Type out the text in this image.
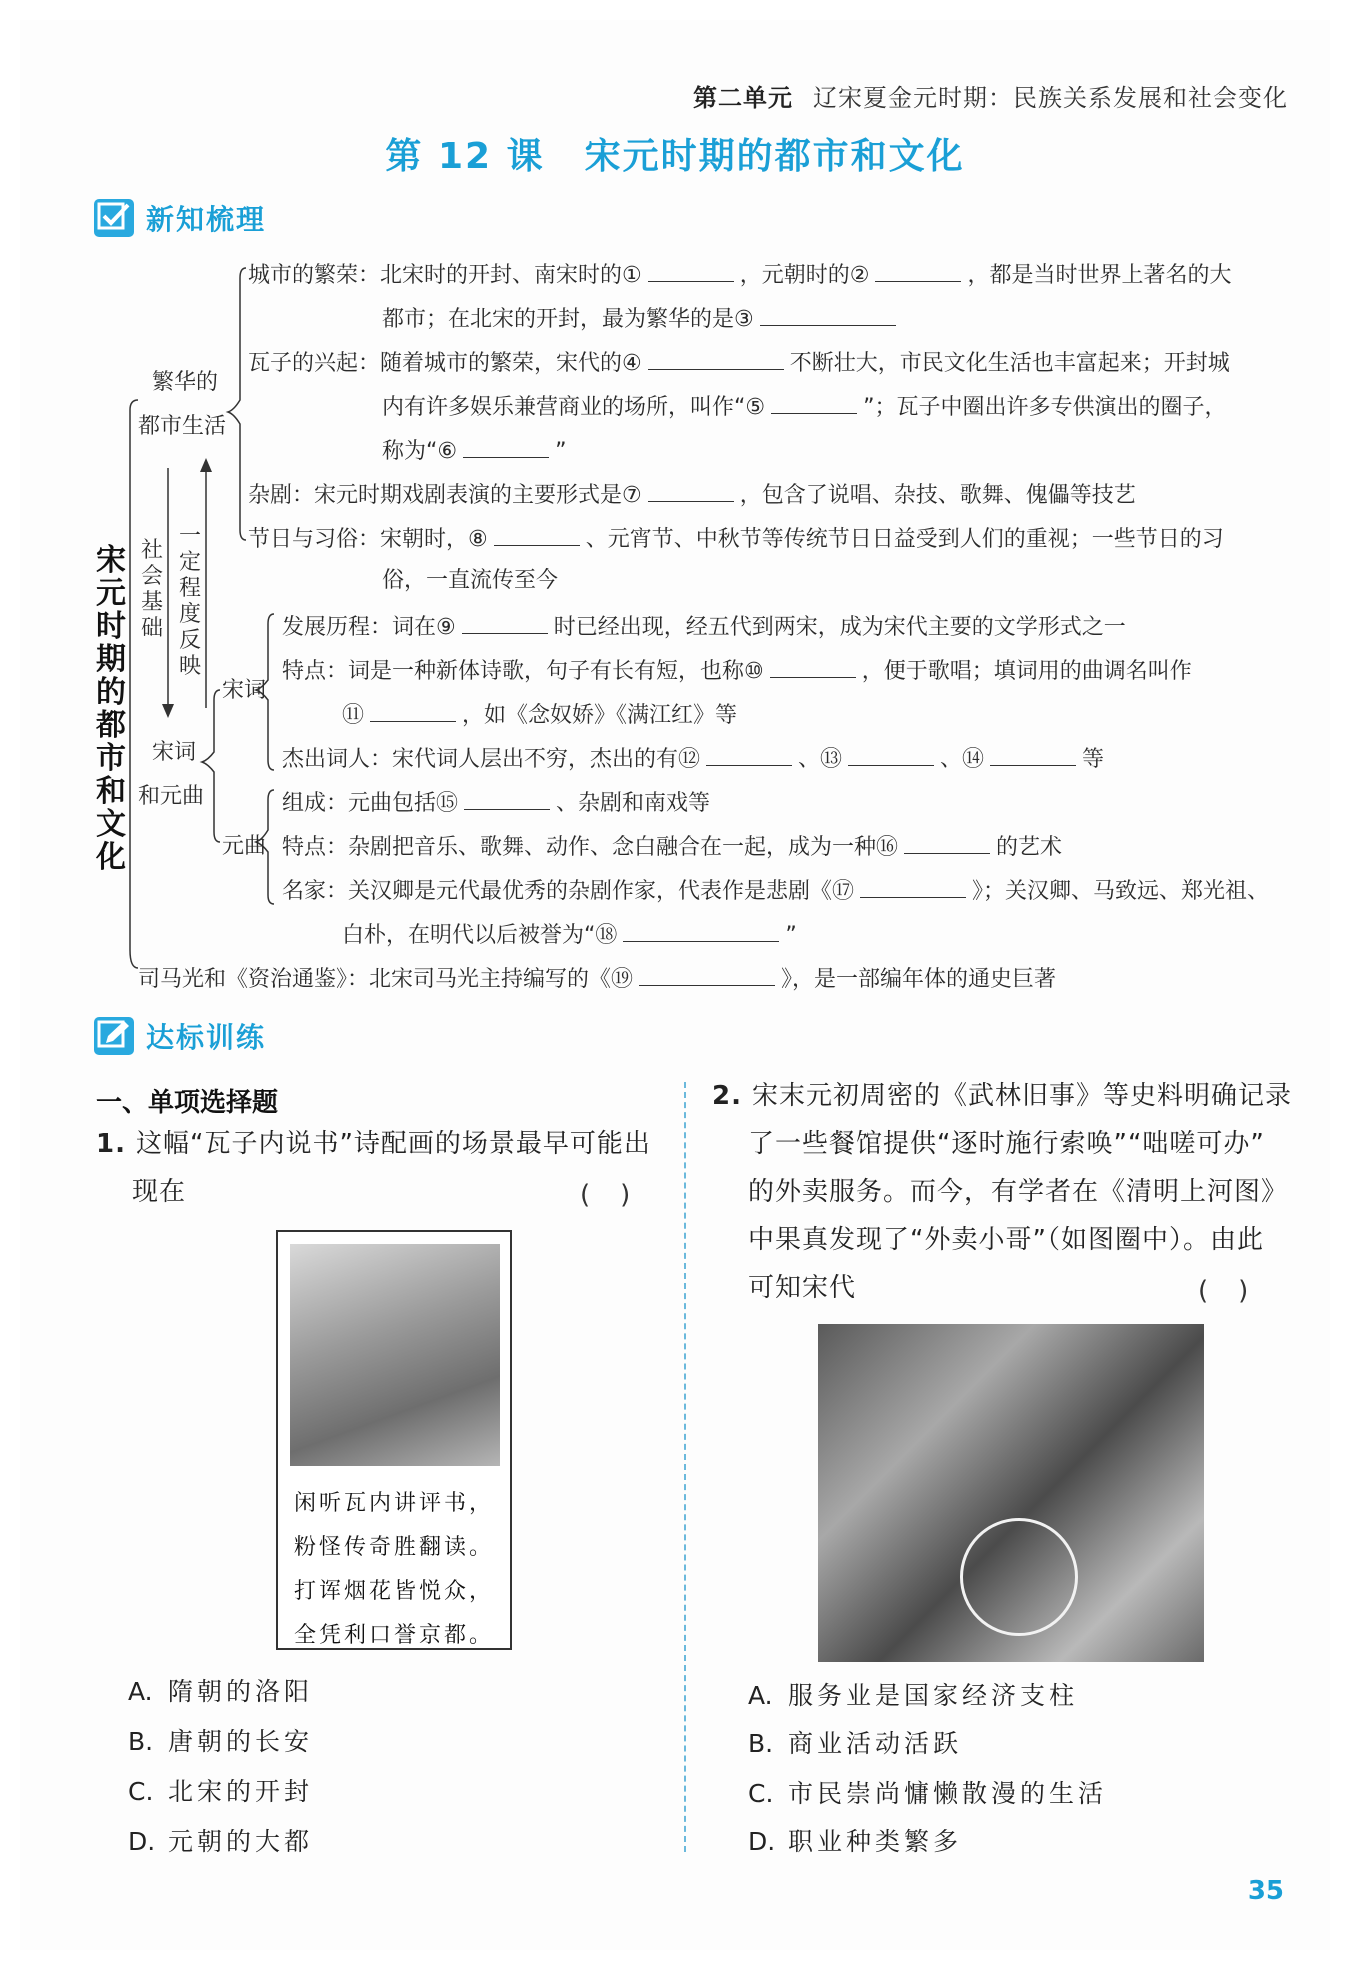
第二单元 辽宋夏金元时期：民族关系发展和社会变化
第 12 课 宋元时期的都市和文化
新知梳理
宋元时期的都市和文化
繁华的
都市生活
社会基础
一定程度反映
宋词
和元曲
宋词
元曲
城市的繁荣：北宋时的开封、南宋时的①	，元朝时的②	，都是当时世界上著名的大
都市；在北宋的开封，最为繁华的是③
瓦子的兴起：随着城市的繁荣，宋代的④	不断壮大，市民文化生活也丰富起来；开封城
内有许多娱乐兼营商业的场所，叫作“⑤	”；瓦子中圈出许多专供演出的圈子，
称为“⑥	”
杂剧：宋元时期戏剧表演的主要形式是⑦	，包含了说唱、杂技、歌舞、傀儡等技艺
节日与习俗：宋朝时，⑧	、元宵节、中秋节等传统节日日益受到人们的重视；一些节日的习
俗，一直流传至今
发展历程：词在⑨	时已经出现，经五代到两宋，成为宋代主要的文学形式之一
特点：词是一种新体诗歌，句子有长有短，也称⑩	，便于歌唱；填词用的曲调名叫作
⑪	，如《念奴娇》《满江红》等
杰出词人：宋代词人层出不穷，杰出的有⑫	、⑬	、⑭	等
组成：元曲包括⑮	、杂剧和南戏等
特点：杂剧把音乐、歌舞、动作、念白融合在一起，成为一种⑯	的艺术
名家：关汉卿是元代最优秀的杂剧作家，代表作是悲剧《⑰	》；关汉卿、马致远、郑光祖、
白朴，在明代以后被誉为“⑱	”
司马光和《资治通鉴》：北宋司马光主持编写的《⑲	》，是一部编年体的通史巨著
达标训练
一、单项选择题
1. 这幅“瓦子内说书”诗配画的场景最早可能出
现在	()
闲听瓦内讲评书，
粉怪传奇胜翻读。
打诨烟花皆悦众，
全凭利口誉京都。
A. 隋朝的洛阳
B. 唐朝的长安
C. 北宋的开封
D. 元朝的大都
2. 宋末元初周密的《武林旧事》等史料明确记录
了一些餐馆提供“逐时施行索唤”“咄嗟可办”
的外卖服务。而今，有学者在《清明上河图》
中果真发现了“外卖小哥”（如图圈中）。由此
可知宋代	()
A. 服务业是国家经济支柱
B. 商业活动活跃
C. 市民崇尚慵懒散漫的生活
D. 职业种类繁多
35
